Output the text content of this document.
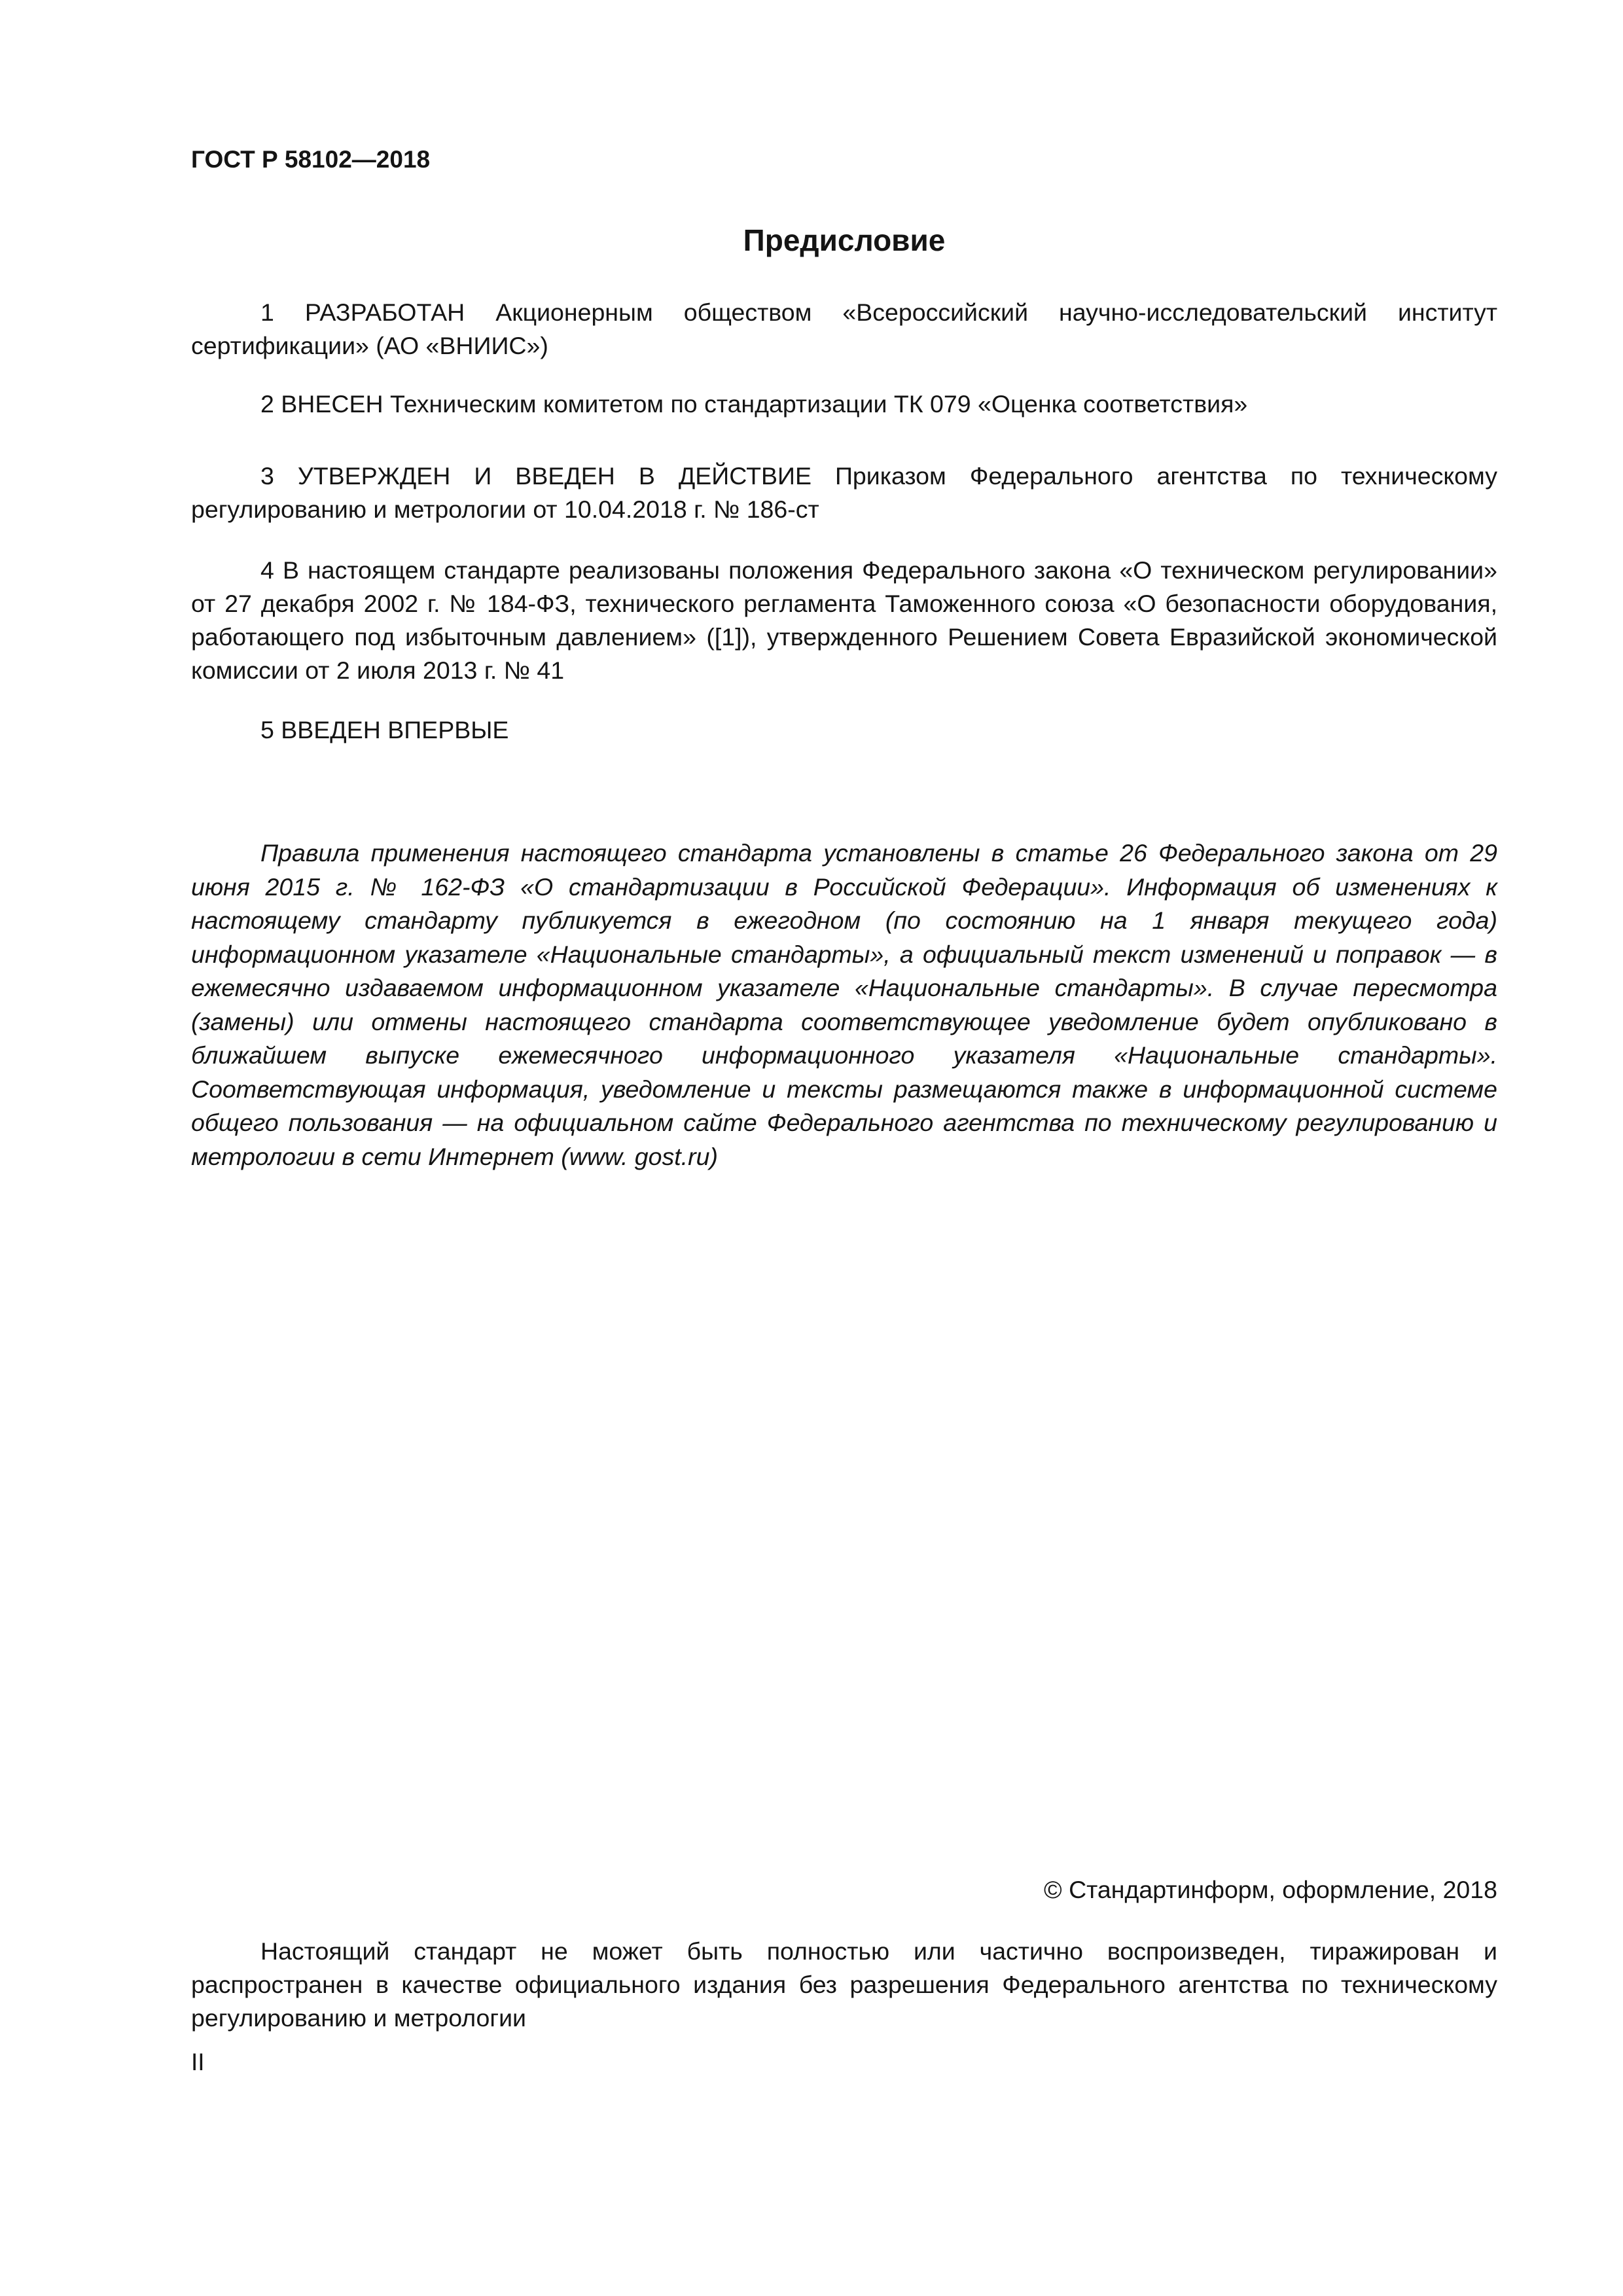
ГОСТ Р 58102—2018
Предисловие

1 РАЗРАБОТАН Акционерным обществом «Всероссийский научно-исследовательский институт сертификации» (АО «ВНИИС»)

2 ВНЕСЕН Техническим комитетом по стандартизации ТК 079 «Оценка соответствия»

3 УТВЕРЖДЕН И ВВЕДЕН В ДЕЙСТВИЕ Приказом Федерального агентства по техническому регулированию и метрологии от 10.04.2018 г. № 186-ст

4 В настоящем стандарте реализованы положения Федерального закона «О техническом регулировании» от 27 декабря 2002 г. № 184-ФЗ, технического регламента Таможенного союза «О безопасности оборудования, работающего под избыточным давлением» ([1]), утвержденного Решением Совета Евразийской экономической комиссии от 2 июля 2013 г. № 41

5 ВВЕДЕН ВПЕРВЫЕ

Правила применения настоящего стандарта установлены в статье 26 Федерального закона от 29 июня 2015 г. № 162-ФЗ «О стандартизации в Российской Федерации». Информация об изменениях к настоящему стандарту публикуется в ежегодном (по состоянию на 1 января текущего года) информационном указателе «Национальные стандарты», а официальный текст изменений и поправок — в ежемесячно издаваемом информационном указателе «Национальные стандарты». В случае пересмотра (замены) или отмены настоящего стандарта соответствующее уведомление будет опубликовано в ближайшем выпуске ежемесячного информационного указателя «Национальные стандарты». Соответствующая информация, уведомление и тексты размещаются также в информационной системе общего пользования — на официальном сайте Федерального агентства по техническому регулированию и метрологии в сети Интернет (www. gost.ru)

© Стандартинформ, оформление, 2018

Настоящий стандарт не может быть полностью или частично воспроизведен, тиражирован и распространен в качестве официального издания без разрешения Федерального агентства по техническому регулированию и метрологии

II
